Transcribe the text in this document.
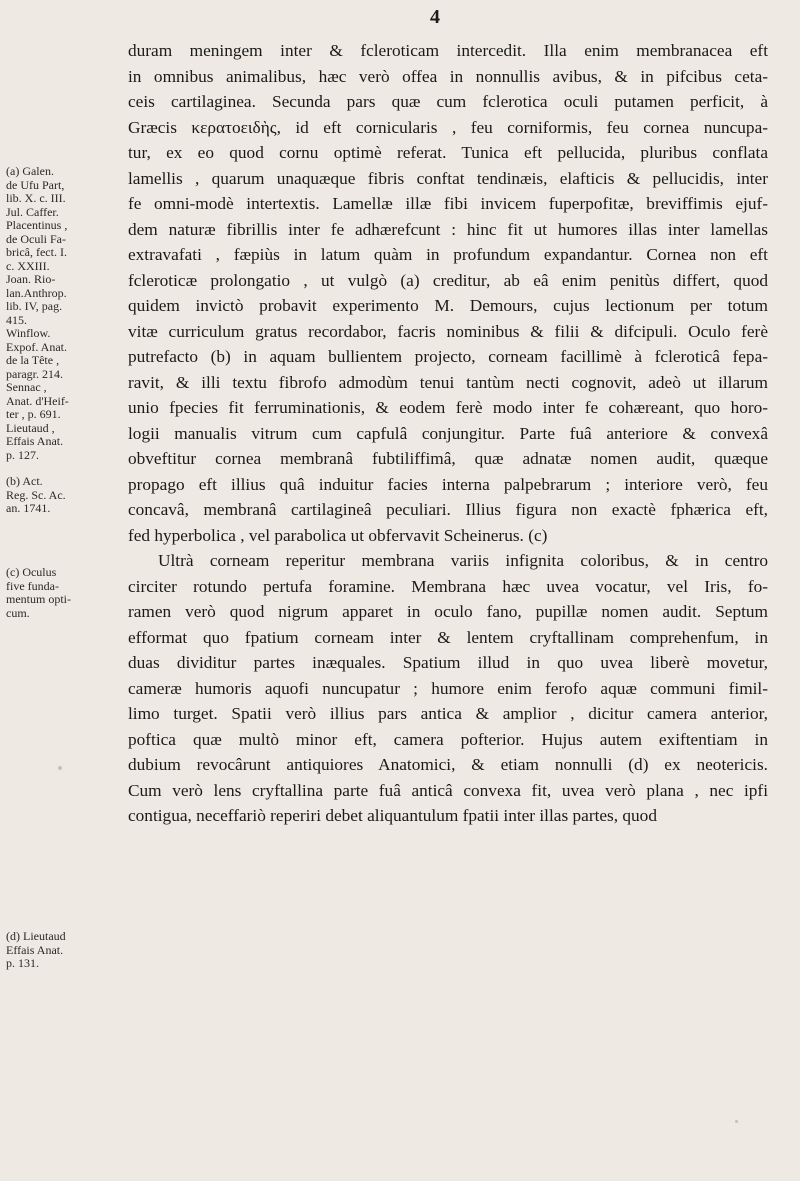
4
(a) Galen.
de Ufu Part,
lib. X. c. III.
Jul. Caffer.
Placentinus ,
de Oculi Fa-
bricâ, fect. I.
c. XXIII.
Joan. Rio-
lan.Anthrop.
lib. IV, pag.
415.
Winflow.
Expof. Anat.
de la Tête ,
paragr. 214.
Sennac ,
Anat. d'Heif-
ter , p. 691.
Lieutaud ,
Effais Anat.
p. 127.
(b) Act.
Reg. Sc. Ac.
an. 1741.
(c) Oculus
five funda-
mentum opti-
cum.
(d) Lieutaud
Effais Anat.
p. 131.

duram meningem inter & fcleroticam intercedit. Illa enim membranacea eft

in omnibus animalibus, hæc verò offea in nonnullis avibus, & in pifcibus ceta-

ceis cartilaginea. Secunda pars quæ cum fclerotica oculi putamen perficit, à

Græcis κερατοειδὴς, id eft cornicularis , feu corniformis, feu cornea nuncupa-

tur, ex eo quod cornu optimè referat. Tunica eft pellucida, pluribus conflata

lamellis , quarum unaquæque fibris conftat tendinæis, elafticis & pellucidis, inter

fe omni-modè intertextis. Lamellæ illæ fibi invicem fuperpofitæ, breviffimis ejuf-

dem naturæ fibrillis inter fe adhærefcunt : hinc fit ut humores illas inter lamellas

extravafati , fæpiùs in latum quàm in profundum expandantur. Cornea non eft

fcleroticæ prolongatio , ut vulgò (a) creditur, ab eâ enim penitùs differt, quod

quidem invictò probavit experimento M. Demours, cujus lectionum per totum

vitæ curriculum gratus recordabor, facris nominibus & filii & difcipuli. Oculo ferè

putrefacto (b) in aquam bullientem projecto, corneam facillimè à fcleroticâ fepa-

ravit, & illi textu fibrofo admodùm tenui tantùm necti cognovit, adeò ut illarum

unio fpecies fit ferruminationis, & eodem ferè modo inter fe cohæreant, quo horo-

logii manualis vitrum cum capfulâ conjungitur. Parte fuâ anteriore & convexâ

obveftitur cornea membranâ fubtiliffimâ, quæ adnatæ nomen audit, quæque

propago eft illius quâ induitur facies interna palpebrarum ; interiore verò, feu

concavâ, membranâ cartilagineâ peculiari. Illius figura non exactè fphærica eft,

fed hyperbolica , vel parabolica ut obfervavit Scheinerus. (c)

Ultrà corneam reperitur membrana variis infignita coloribus, & in centro

circiter rotundo pertufa foramine. Membrana hæc uvea vocatur, vel Iris, fo-

ramen verò quod nigrum apparet in oculo fano, pupillæ nomen audit. Septum

efformat quo fpatium corneam inter & lentem cryftallinam comprehenfum, in

duas dividitur partes inæquales. Spatium illud in quo uvea liberè movetur,

cameræ humoris aquofi nuncupatur ; humore enim ferofo aquæ communi fimil-

limo turget. Spatii verò illius pars antica & amplior , dicitur camera anterior,

poftica quæ multò minor eft, camera pofterior. Hujus autem exiftentiam in

dubium revocârunt antiquiores Anatomici, & etiam nonnulli (d) ex neotericis.

Cum verò lens cryftallina parte fuâ anticâ convexa fit, uvea verò plana , nec ipfi

contigua, neceffariò reperiri debet aliquantulum fpatii inter illas partes, quod
